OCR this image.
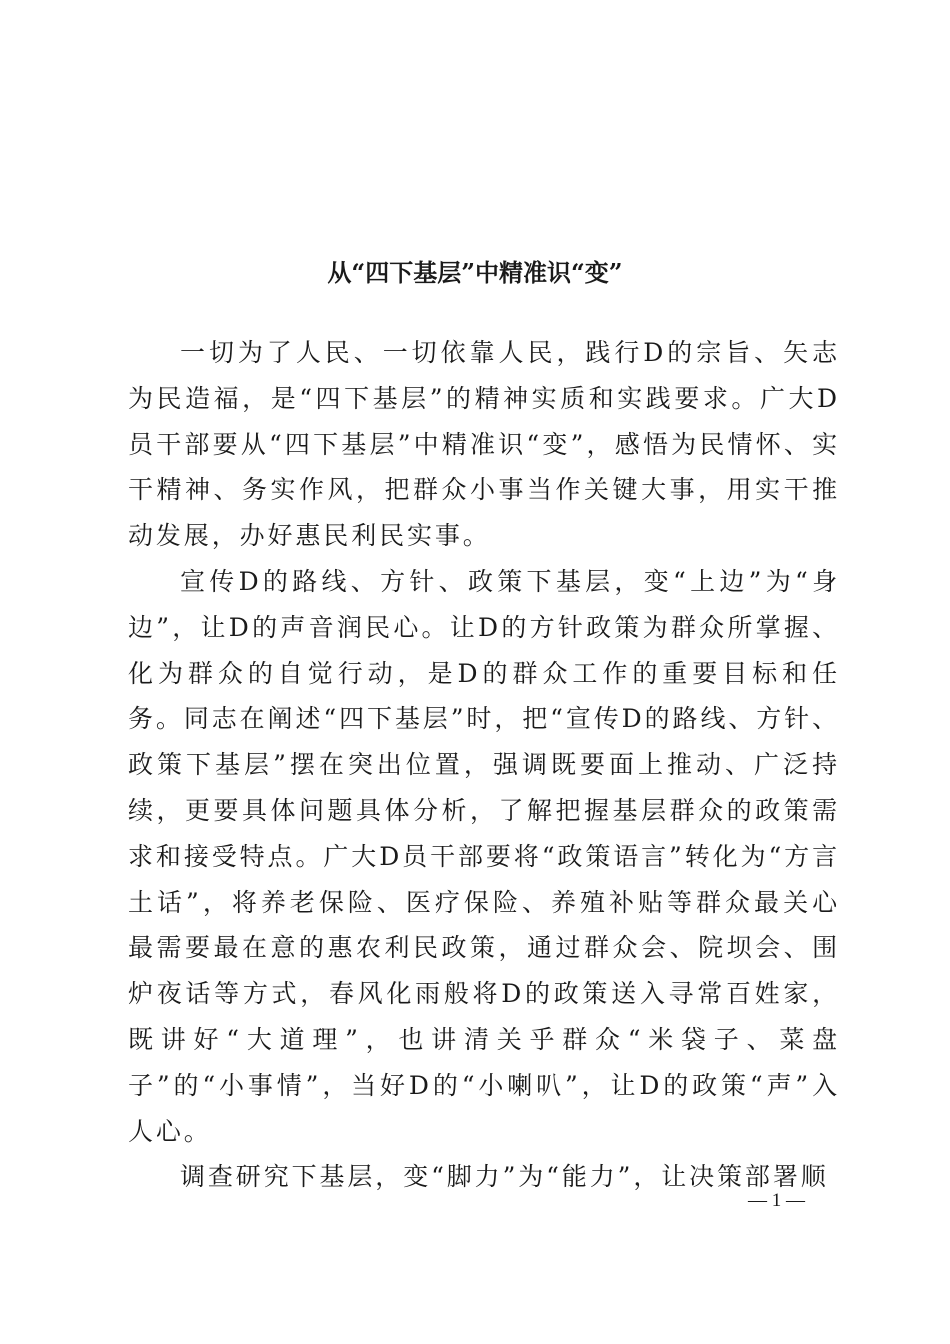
从“四下基层”中精准识“变”

一切为了人民、一切依靠人民，践行D的宗旨、矢志为民造福，是“四下基层”的精神实质和实践要求。广大D员干部要从“四下基层”中精准识“变”，感悟为民情怀、实干精神、务实作风，把群众小事当作关键大事，用实干推动发展，办好惠民利民实事。

宣传D的路线、方针、政策下基层，变“上边”为“身边”，让D的声音润民心。让D的方针政策为群众所掌握、化为群众的自觉行动，是D的群众工作的重要目标和任务。同志在阐述“四下基层”时，把“宣传D的路线、方针、政策下基层”摆在突出位置，强调既要面上推动、广泛持续，更要具体问题具体分析，了解把握基层群众的政策需求和接受特点。广大D员干部要将“政策语言”转化为“方言土话”，将养老保险、医疗保险、养殖补贴等群众最关心最需要最在意的惠农利民政策，通过群众会、院坝会、围炉夜话等方式，春风化雨般将D的政策送入寻常百姓家，既讲好“大道理”，也讲清关乎群众“米袋子、菜盘子”的“小事情”，当好D的“小喇叭”，让D的政策“声”入人心。

调查研究下基层，变“脚力”为“能力”，让决策部署顺

— 1 —
